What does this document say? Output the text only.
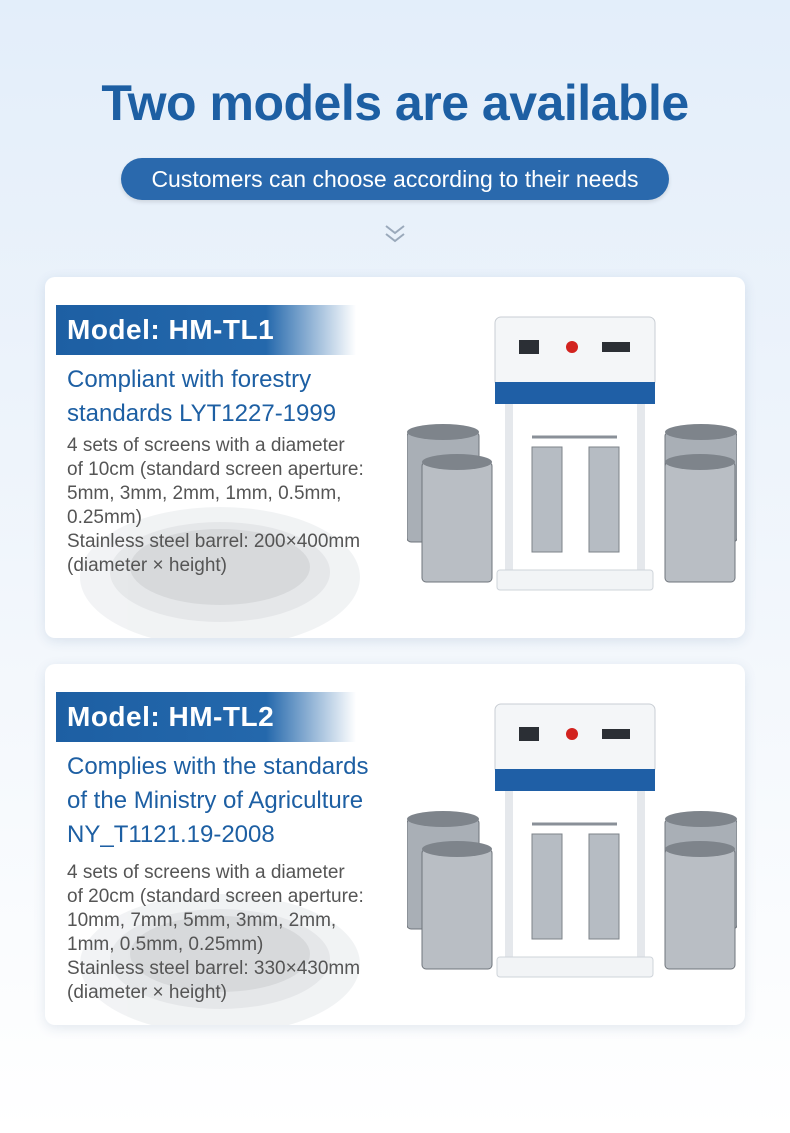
Two models are available
Customers can choose according to their needs
Model: HM-TL1
Compliant with forestry
standards LYT1227-1999
4 sets of screens with a diameter
of 10cm (standard screen aperture:
5mm, 3mm, 2mm, 1mm, 0.5mm,
0.25mm)
Stainless steel barrel: 200×400mm
(diameter × height)
Model: HM-TL2
Complies with the standards
of the Ministry of Agriculture
NY_T1121.19-2008
4 sets of screens with a diameter
of 20cm (standard screen aperture:
10mm, 7mm, 5mm, 3mm, 2mm,
1mm, 0.5mm, 0.25mm)
Stainless steel barrel: 330×430mm
(diameter × height)
